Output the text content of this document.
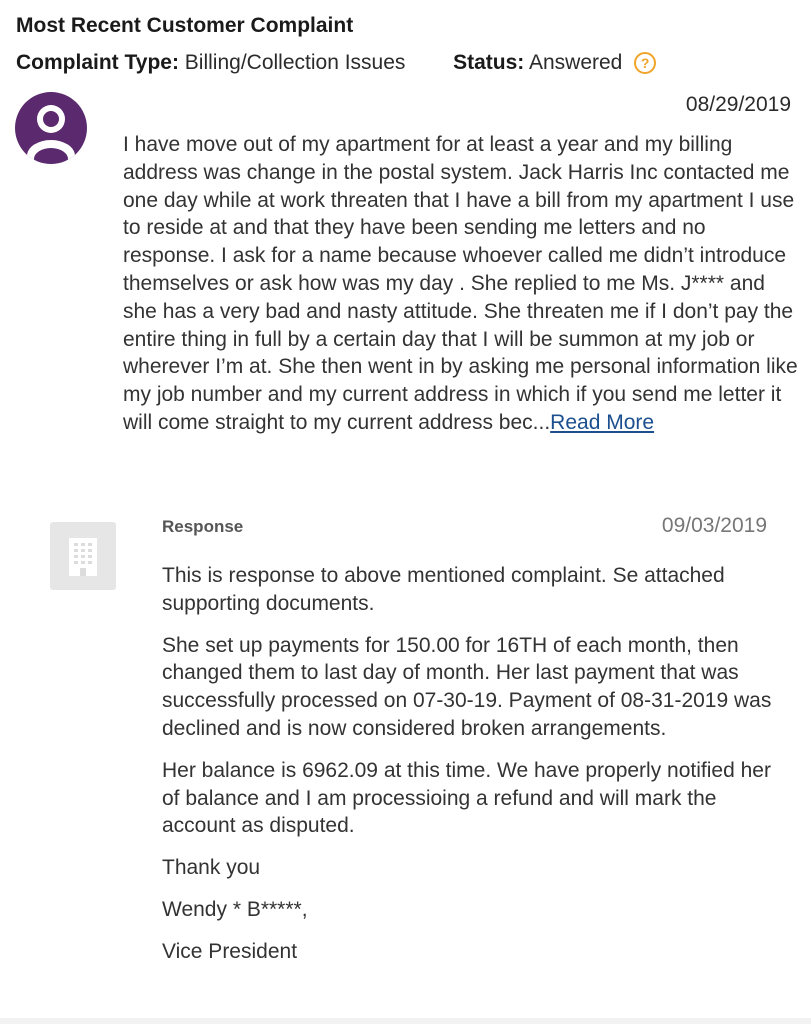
Most Recent Customer Complaint
Complaint Type: Billing/Collection Issues Status: Answered ?
08/29/2019
I have move out of my apartment for at least a year and my billing address was change in the postal system. Jack Harris Inc contacted me one day while at work threaten that I have a bill from my apartment I use to reside at and that they have been sending me letters and no response. I ask for a name because whoever called me didn’t introduce themselves or ask how was my day . She replied to me Ms. J**** and she has a very bad and nasty attitude. She threaten me if I don’t pay the entire thing in full by a certain day that I will be summon at my job or wherever I’m at. She then went in by asking me personal information like my job number and my current address in which if you send me letter it will come straight to my current address bec...Read More
Response	09/03/2019

This is response to above mentioned complaint. Se attached supporting documents.

She set up payments for 150.00 for 16TH of each month, then changed them to last day of month. Her last payment that was successfully processed on 07-30-19. Payment of 08-31-2019 was declined and is now considered broken arrangements.

Her balance is 6962.09 at this time. We have properly notified her of balance and I am processioing a refund and will mark the account as disputed.

Thank you

Wendy * B*****,

Vice President
